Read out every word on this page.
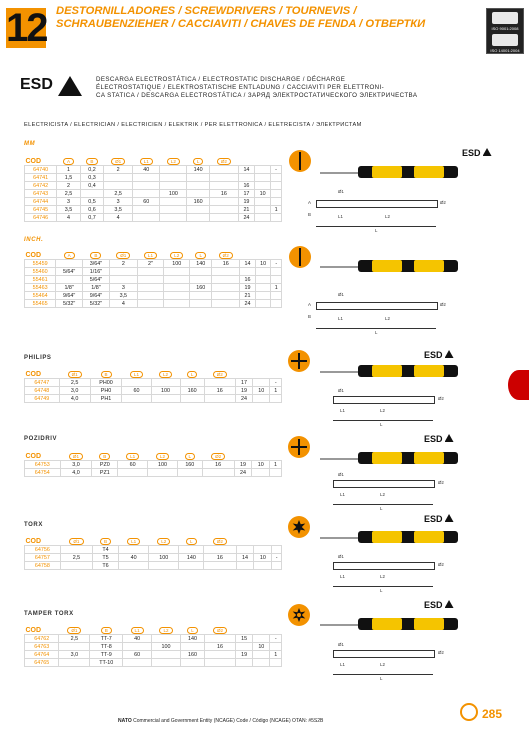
12 DESTORNILLADORES / SCREWDRIVERS / TOURNEVIS /
SCHRAUBENZIEHER / CACCIAVITI / CHAVES DE FENDA / ОТВЕРТКИ	ISO 9001:2008
ISO 14001:2004
ESD	DESCARGA ELECTROSTÁTICA / ELECTROSTATIC DISCHARGE / DÉCHARGE
ÉLECTROSTATIQUE / ELEKTROSTATISCHE ENTLADUNG / CACCIAVITI PER ELETTRONI-
CA STATICA / DESCARGA ELECTROSTÁTICA / ЗАРЯД ЭЛЕКТРОСТАТИЧЕСКОГО ЭЛЕКТРИЧЕСТВА
ELECTRICISTA / ELECTRICIAN / ELECTRICIEN / ELEKTRIK / PER ELETTRONICA / ELETRECISTA / ЭЛЕКТРИСТАМ
MM
COD	A	B	Ø1	L1	L2	L	Ø2			
64740	1	0,2	2	40		140		14		-
64741	1,5	0,3								
64742	2	0,4						16		
64743	2,5		2,5		100		16	17	10	
64744	3	0,5	3	60		160		19		
64745	3,5	0,6	3,5					21		1
64746	4	0,7	4					24		
INCH.
COD	A	B	Ø1	L1	L2	L	Ø2			
55459		3/64"	2	2"	100	140	16	14	10	-
55460	5/64"	1/16"								
55461		5/64"						16		
55463	1/8"	1/8"	3			160		19		1
55464	9/64"	9/64"	3,5					21		
55465	5/32"	5/32"	4					24		
PHILIPS
COD	Ø1	B	L1	L2	L	Ø2			
64747	2,5	PH00					17		-
64748	3,0	PH0	60	100	160	16	19	10	1
64749	4,0	PH1					24		
POZIDRIV
COD	Ø1	B	L1	L2	L	Ø2			
64753	3,0	PZ0	60	100	160	16	19	10	1
64754	4,0	PZ1					24		
TORX
COD	Ø1	B	L1	L2	L	Ø2			
64756		T4							
64757	2,5	T5	40	100	140	16	14	10	-
64758		T6							
TAMPER TORX
COD	Ø1	B	L1	L2	L	Ø2			
64762	2,5	TT-7	40		140		15		-
64763		TT-8		100		16		10	
64764	3,0	TT-9	60		160		19		1
64765		TT-10							
ESD
A
B
Ø1
Ø2
L1	L2
L
A
B
Ø1
Ø2
L1	L2
L
ESD
Ø1
Ø2
L1	L2
L
ESD
Ø1
Ø2
L1	L2
L
ESD
Ø1
Ø2
L1	L2
L
ESD
Ø1
Ø2
L1	L2
L
NATO Commercial and Government Entity (NCAGE) Code / Código (NCAGE) OTAN: #5S2B	285
